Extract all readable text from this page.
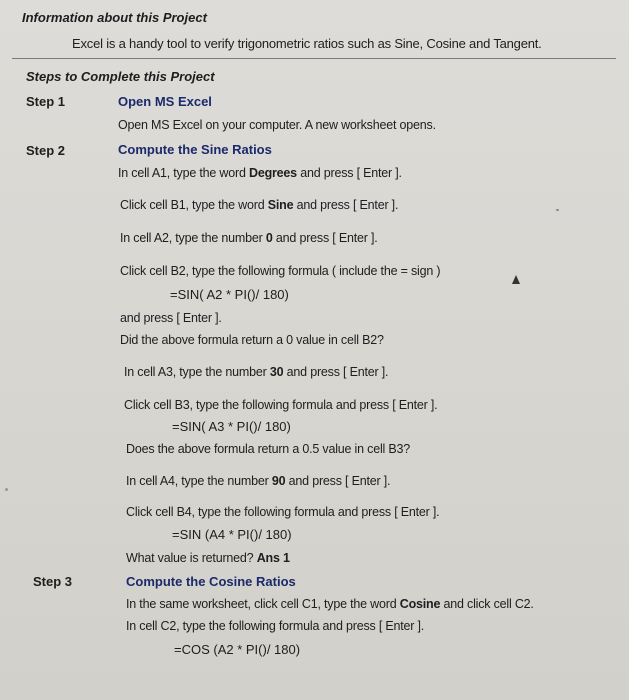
Information about this Project
Excel is a handy tool to verify trigonometric ratios such as Sine, Cosine and Tangent.
Steps to Complete this Project
Step 1	Open MS Excel
Open MS Excel on your computer. A new worksheet opens.
Step 2	Compute the Sine Ratios
In cell A1, type the word Degrees and press [ Enter ].
Click cell B1, type the word Sine and press [ Enter ].
In cell A2, type the number 0 and press [ Enter ].
Click cell B2, type the following formula ( include the = sign )
=SIN( A2 * PI()/ 180)
and press [ Enter ].
Did the above formula return a 0 value in cell B2?
In cell A3, type the number 30 and press [ Enter ].
Click cell B3, type the following formula and press [ Enter ].
=SIN( A3 * PI()/ 180)
Does the above formula return a 0.5 value in cell B3?
In cell A4, type the number 90 and press [ Enter ].
Click cell B4, type the following formula and press [ Enter ].
=SIN (A4 * PI()/ 180)
What value is returned? Ans 1
Step 3	Compute the Cosine Ratios
In the same worksheet, click cell C1, type the word Cosine and click cell C2.
In cell C2, type the following formula and press [ Enter ].
=COS (A2 * PI()/ 180)
